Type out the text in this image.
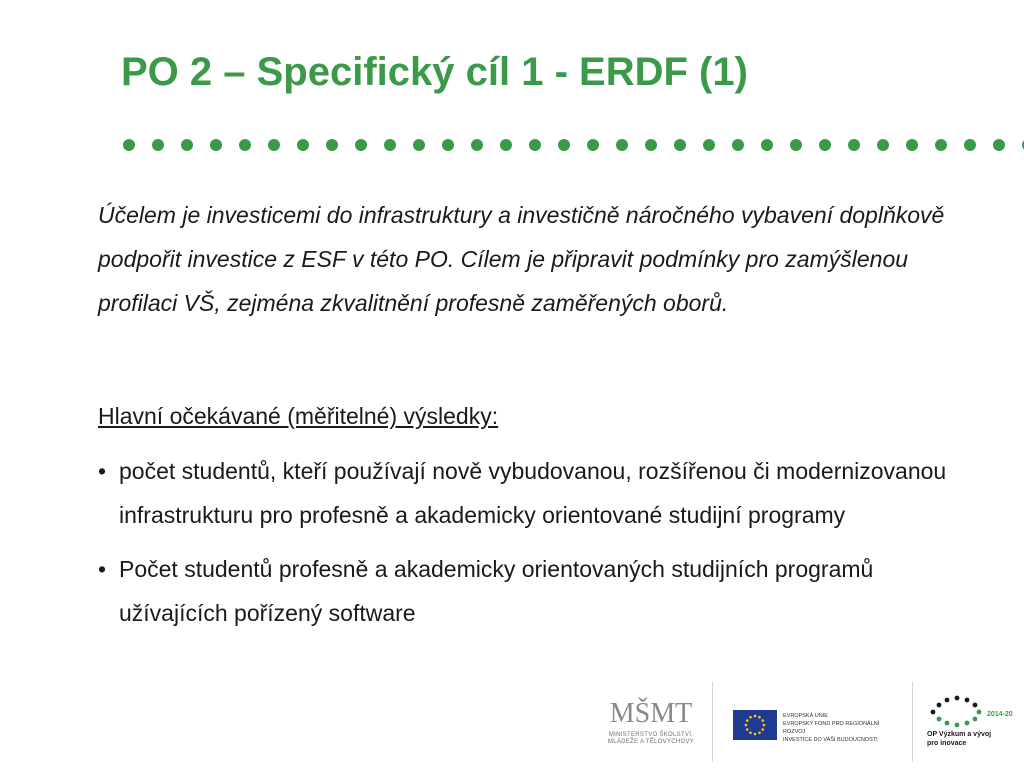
PO 2 – Specifický cíl 1 - ERDF (1)

Účelem je investicemi do infrastruktury a investičně náročného vybavení doplňkově podpořit investice z ESF v této PO. Cílem je připravit podmínky pro zamýšlenou profilaci VŠ, zejména zkvalitnění profesně zaměřených oborů.

Hlavní očekávané (měřitelné) výsledky:

• počet studentů, kteří používají nově vybudovanou, rozšířenou či modernizovanou infrastrukturu pro profesně a akademicky orientované studijní programy
• Počet studentů profesně a akademicky orientovaných studijních programů užívajících pořízený software
MŠMT
MINISTERSTVO ŠKOLSTVÍ,
MLÁDEŽE A TĚLOVÝCHOVY
EVROPSKÁ UNIE
EVROPSKÝ FOND PRO REGIONÁLNÍ ROZVOJ
INVESTICE DO VAŠÍ BUDOUCNOSTI
2014-20
OP Výzkum a vývoj
pro inovace
